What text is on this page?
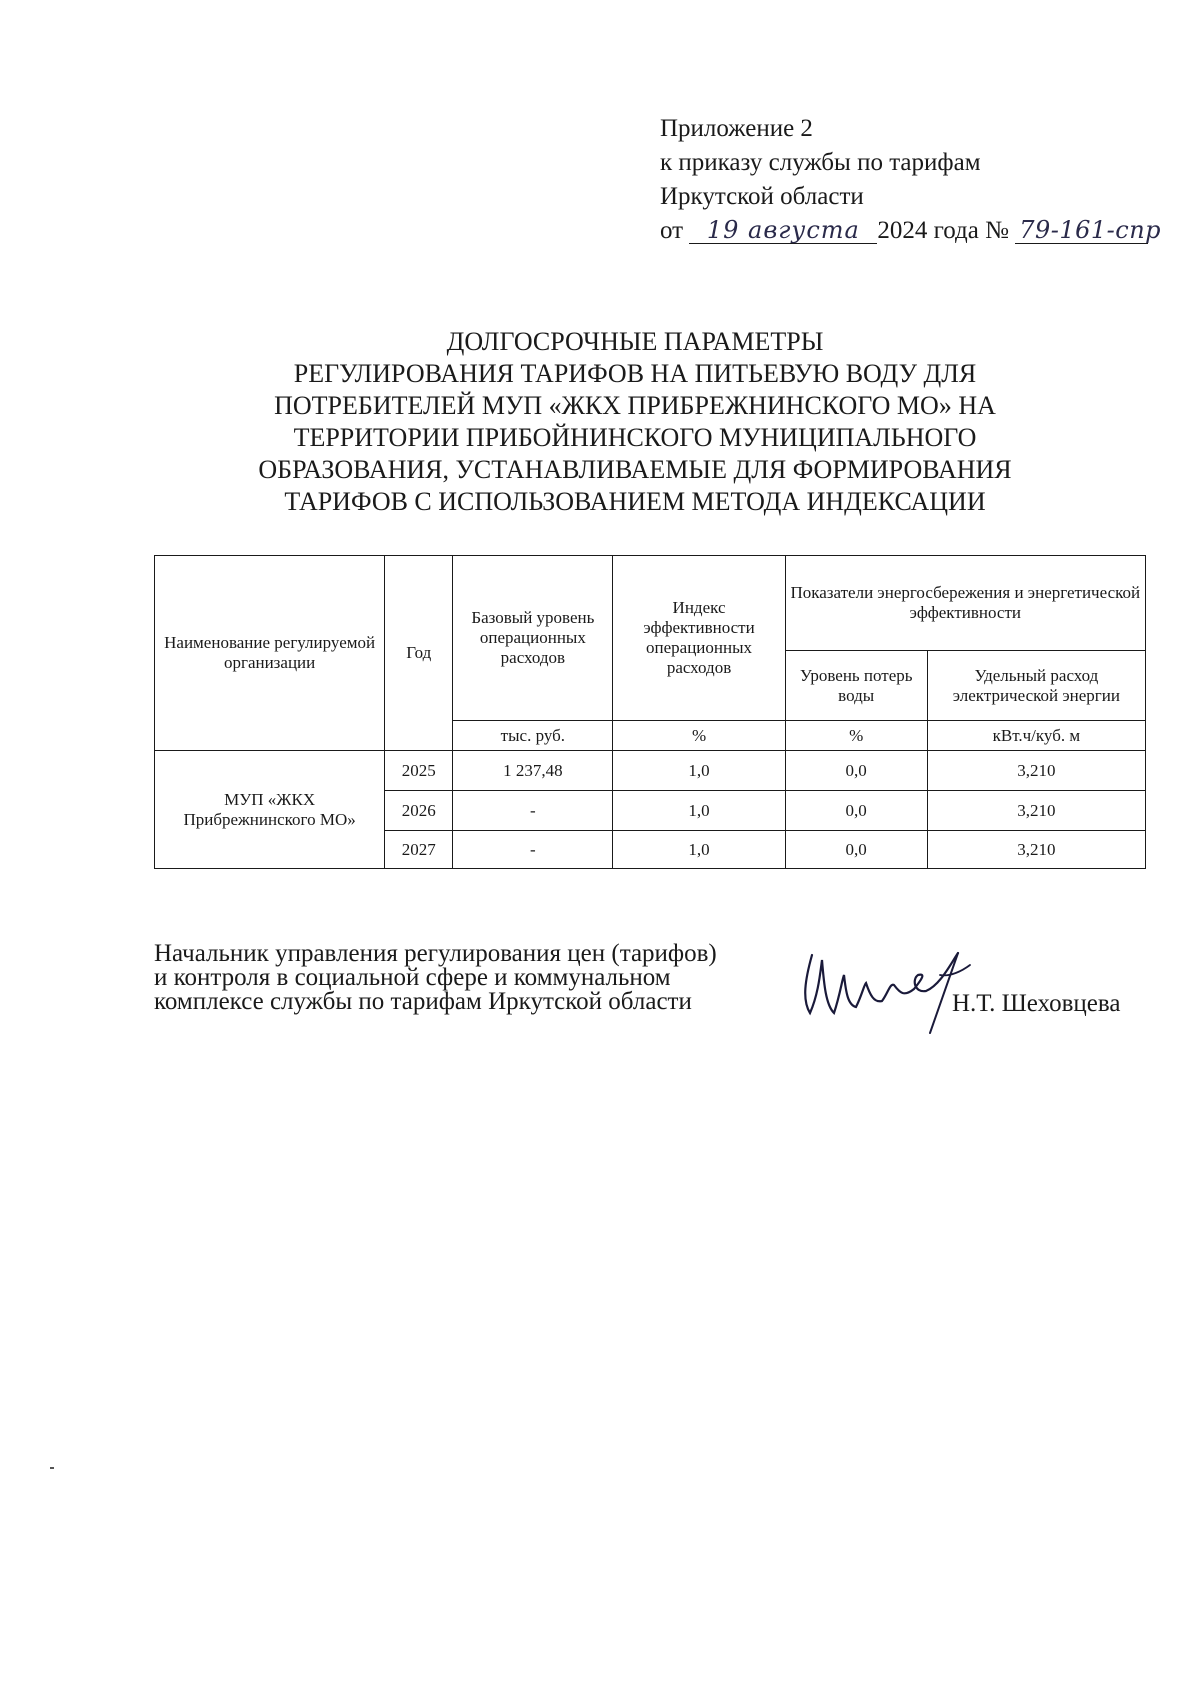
Приложение 2
к приказу службы по тарифам
Иркутской области
от 19 августа 2024 года № 79-161-спр
ДОЛГОСРОЧНЫЕ ПАРАМЕТРЫ
РЕГУЛИРОВАНИЯ ТАРИФОВ НА ПИТЬЕВУЮ ВОДУ ДЛЯ
ПОТРЕБИТЕЛЕЙ МУП «ЖКХ ПРИБРЕЖНИНСКОГО МО» НА
ТЕРРИТОРИИ ПРИБОЙНИНСКОГО МУНИЦИПАЛЬНОГО
ОБРАЗОВАНИЯ, УСТАНАВЛИВАЕМЫЕ ДЛЯ ФОРМИРОВАНИЯ
ТАРИФОВ С ИСПОЛЬЗОВАНИЕМ МЕТОДА ИНДЕКСАЦИИ
Наименование регулируемой организации	Год	Базовый уровень операционных расходов	Индекс эффективности операционных расходов	Показатели энергосбережения и энергетической эффективности	
				Уровень потерь воды	Удельный расход электрической энергии
		тыс. руб.	%	%	кВт.ч/куб. м
МУП «ЖКХ Прибрежнинского МО»	2025	1 237,48	1,0	0,0	3,210
	2026	-	1,0	0,0	3,210
	2027	-	1,0	0,0	3,210
Начальник управления регулирования цен (тарифов)
и контроля в социальной сфере и коммунальном
комплексе службы по тарифам Иркутской области	Н.Т. Шеховцева
